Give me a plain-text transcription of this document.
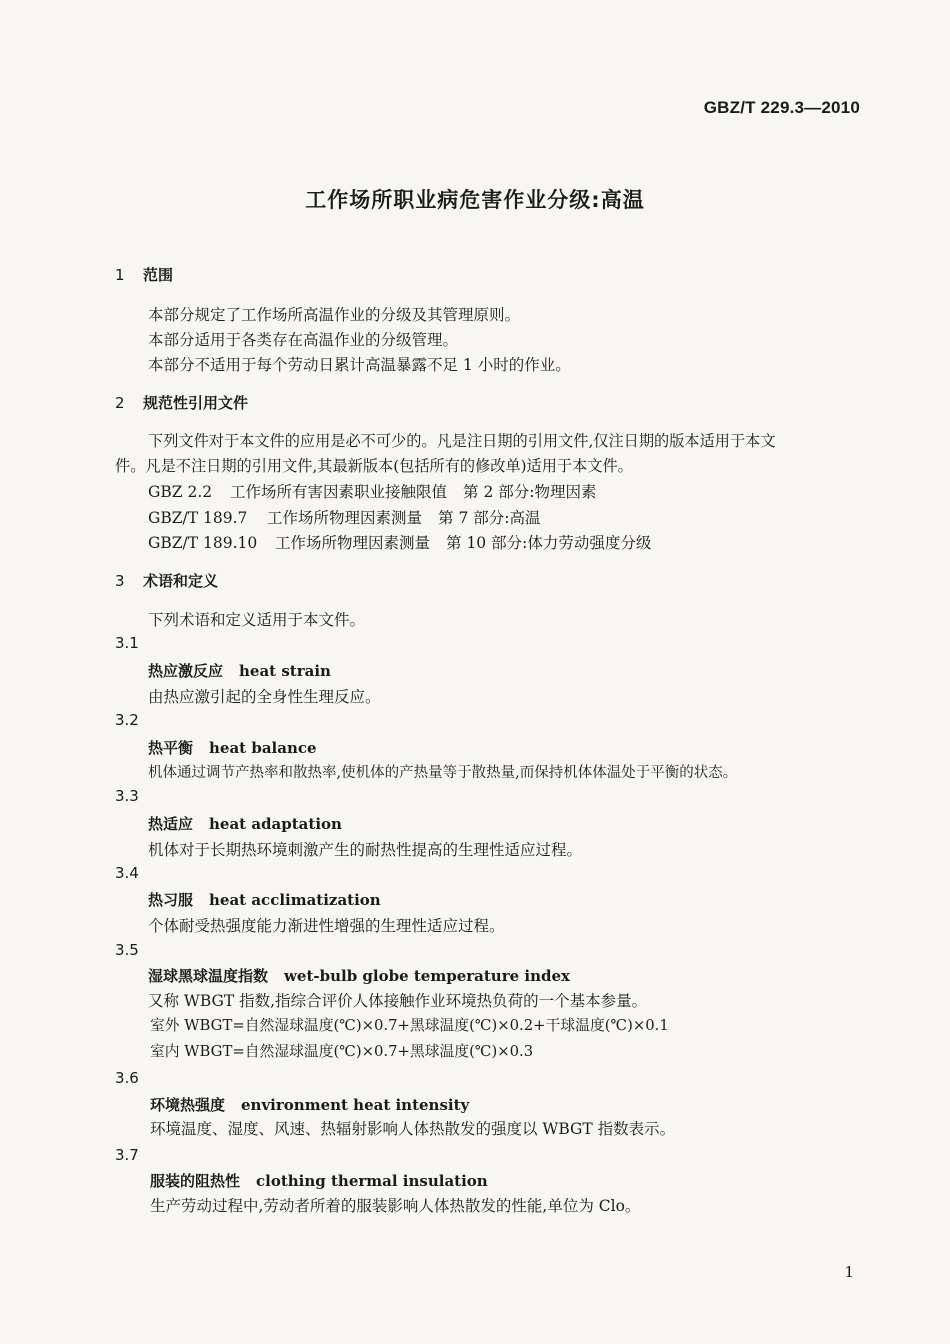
GBZ/T 229.3—2010
工作场所职业病危害作业分级:高温
1 范围
本部分规定了工作场所高温作业的分级及其管理原则。
本部分适用于各类存在高温作业的分级管理。
本部分不适用于每个劳动日累计高温暴露不足 1 小时的作业。
2 规范性引用文件
下列文件对于本文件的应用是必不可少的。凡是注日期的引用文件,仅注日期的版本适用于本文
件。凡是不注日期的引用文件,其最新版本(包括所有的修改单)适用于本文件。
GBZ 2.2 工作场所有害因素职业接触限值 第 2 部分:物理因素
GBZ/T 189.7 工作场所物理因素测量 第 7 部分:高温
GBZ/T 189.10 工作场所物理因素测量 第 10 部分:体力劳动强度分级
3 术语和定义
下列术语和定义适用于本文件。
3.1
热应激反应 heat strain
由热应激引起的全身性生理反应。
3.2
热平衡 heat balance
机体通过调节产热率和散热率,使机体的产热量等于散热量,而保持机体体温处于平衡的状态。
3.3
热适应 heat adaptation
机体对于长期热环境刺激产生的耐热性提高的生理性适应过程。
3.4
热习服 heat acclimatization
个体耐受热强度能力渐进性增强的生理性适应过程。
3.5
湿球黑球温度指数 wet-bulb globe temperature index
又称 WBGT 指数,指综合评价人体接触作业环境热负荷的一个基本参量。
室外 WBGT=自然湿球温度(℃)×0.7+黑球温度(℃)×0.2+干球温度(℃)×0.1
室内 WBGT=自然湿球温度(℃)×0.7+黑球温度(℃)×0.3
3.6
环境热强度 environment heat intensity
环境温度、湿度、风速、热辐射影响人体热散发的强度以 WBGT 指数表示。
3.7
服装的阻热性 clothing thermal insulation
生产劳动过程中,劳动者所着的服装影响人体热散发的性能,单位为 Clo。
1
